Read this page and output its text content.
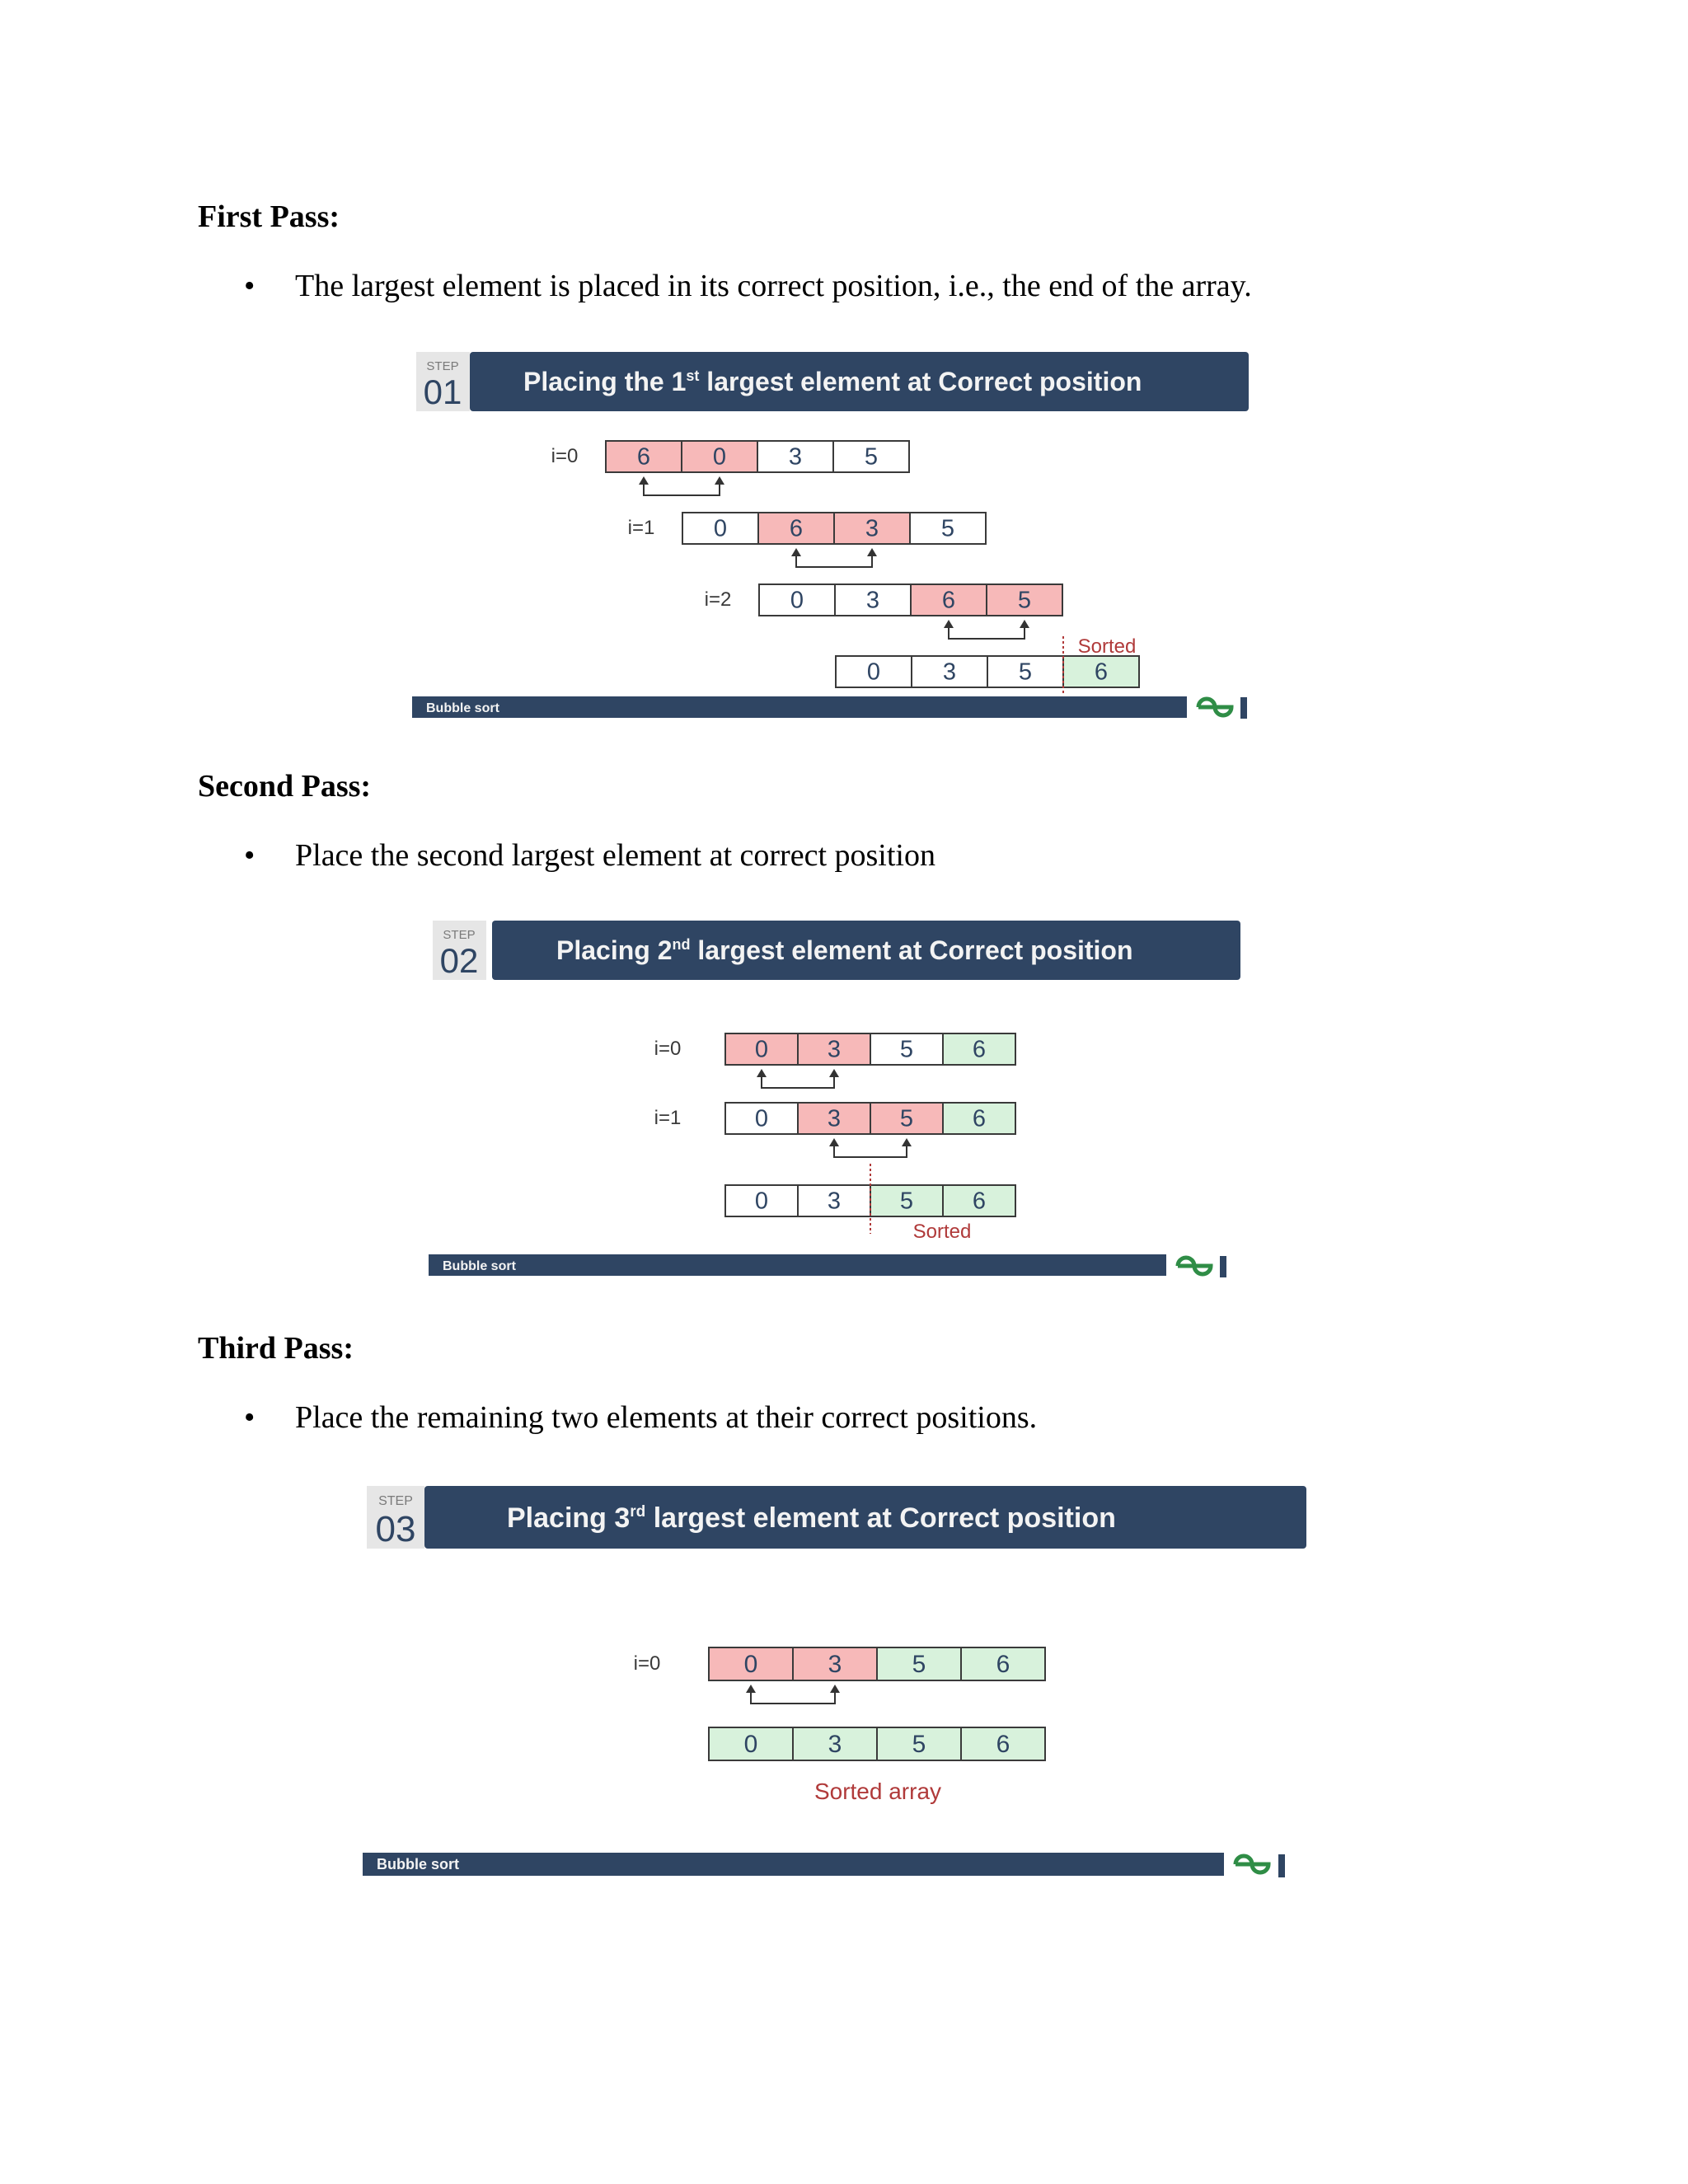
First Pass:

• The largest element is placed in its correct position, i.e., the end of the array.

STEP
01 Placing the 1st largest element at Correct position
i=0 6	0	3	5
i=1 0	6	3	5
i=2 0	3	6	5
0	3	5	6
Sorted
Bubble sort

Second Pass:

• Place the second largest element at correct position

STEP
02	Placing 2nd largest element at Correct position
i=0	0 3 5 6
i=1	0 3 5 6
0 3 5 6
Sorted
Bubble sort

Third Pass:

• Place the remaining two elements at their correct positions.

STEP
03	Placing 3rd largest element at Correct position
i=0	0	3	5	6
0	3	5	6
Sorted array
Bubble sort
